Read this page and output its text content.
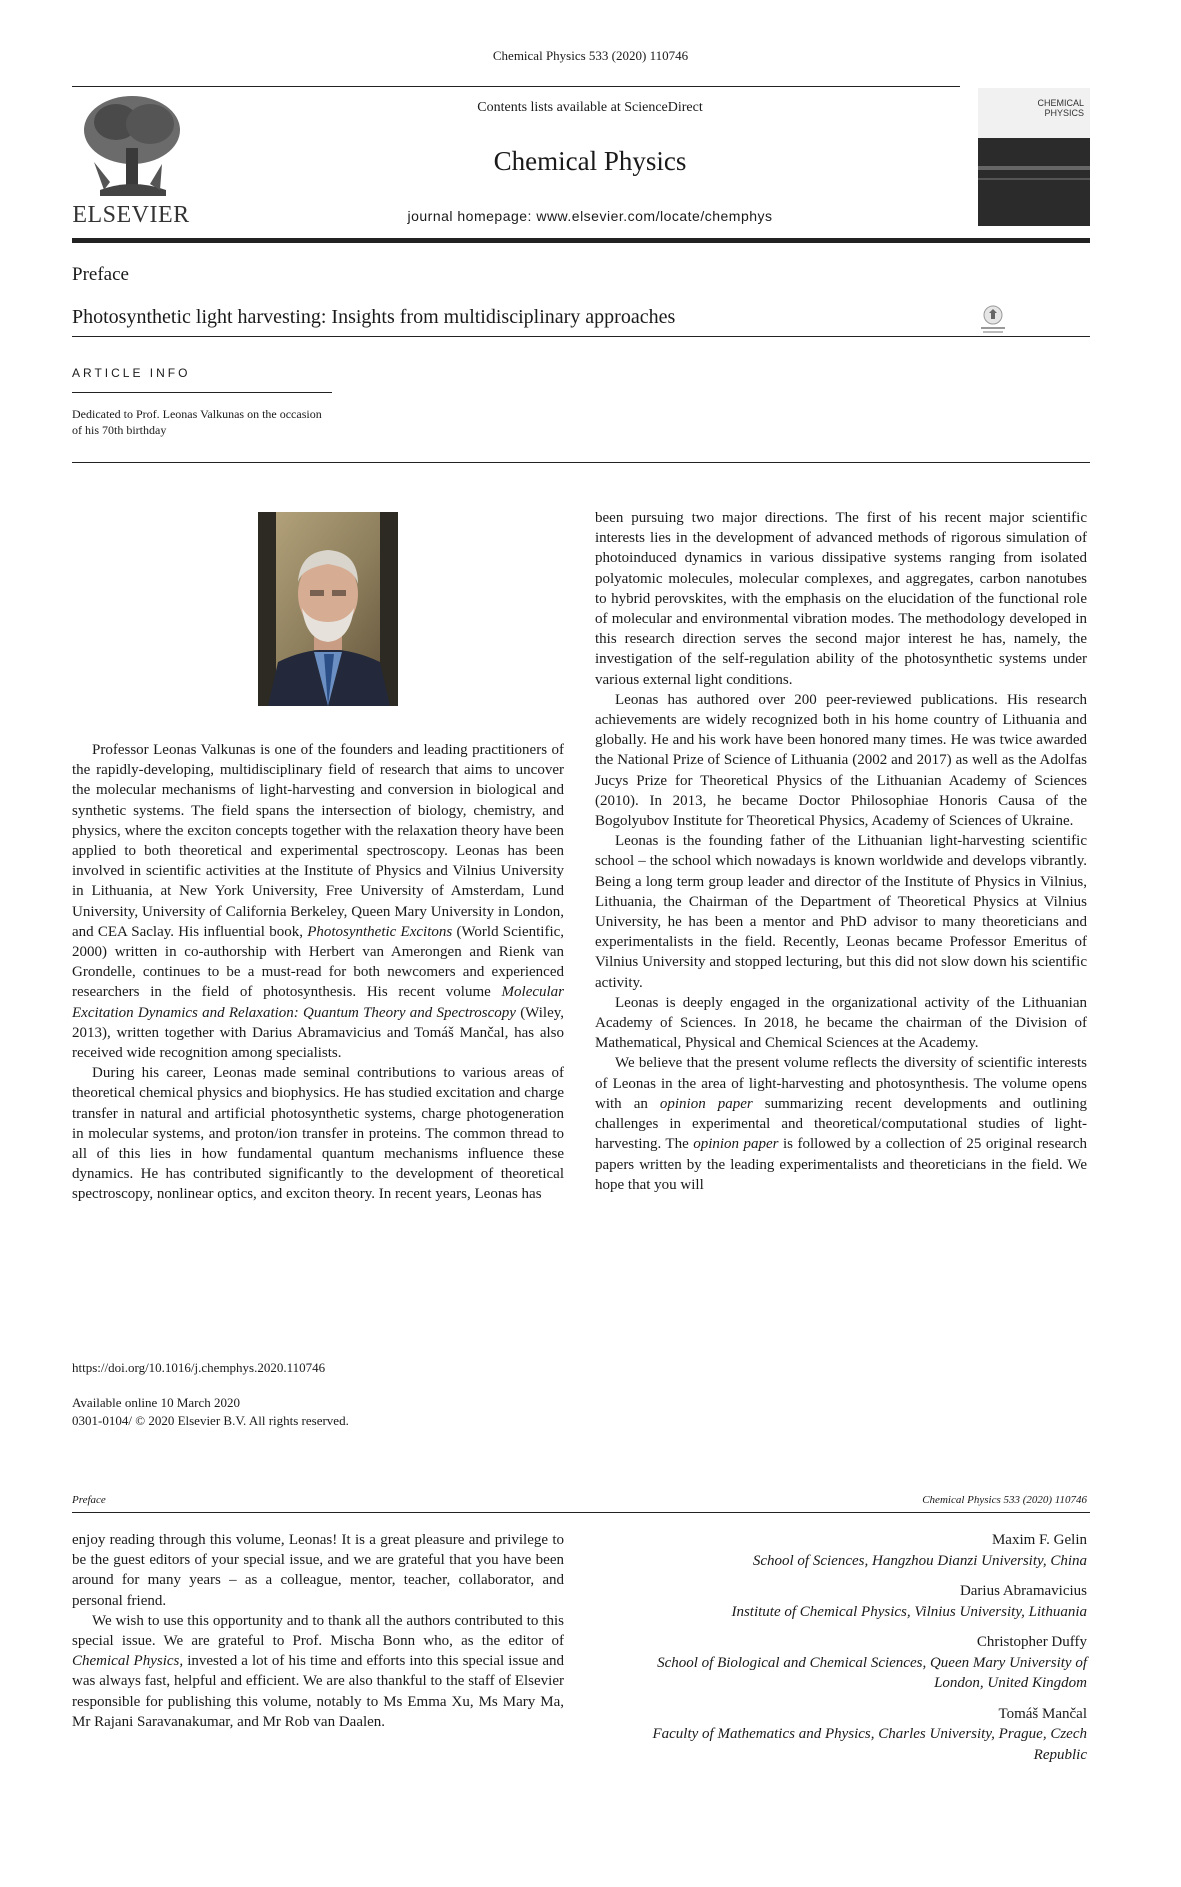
Chemical Physics 533 (2020) 110746
ELSEVIER
Contents lists available at ScienceDirect
Chemical Physics
journal homepage: www.elsevier.com/locate/chemphys
CHEMICAL
PHYSICS
Preface
Photosynthetic light harvesting: Insights from multidisciplinary approaches
ARTICLE INFO
Dedicated to Prof. Leonas Valkunas on the occasion of his 70th birthday

Professor Leonas Valkunas is one of the founders and leading practitioners of the rapidly-developing, multidisciplinary field of research that aims to uncover the molecular mechanisms of light-harvesting and conversion in biological and synthetic systems. The field spans the intersection of biology, chemistry, and physics, where the exciton concepts together with the relaxation theory have been applied to both theoretical and experimental spectroscopy. Leonas has been involved in scientific activities at the Institute of Physics and Vilnius University in Lithuania, at New York University, Free University of Amsterdam, Lund University, University of California Berkeley, Queen Mary University in London, and CEA Saclay. His influential book, Photosynthetic Excitons (World Scientific, 2000) written in co-authorship with Herbert van Amerongen and Rienk van Grondelle, continues to be a must-read for both newcomers and experienced researchers in the field of photosynthesis. His recent volume Molecular Excitation Dynamics and Relaxation: Quantum Theory and Spectroscopy (Wiley, 2013), written together with Darius Abramavicius and Tomáš Mančal, has also received wide recognition among specialists.

During his career, Leonas made seminal contributions to various areas of theoretical chemical physics and biophysics. He has studied excitation and charge transfer in natural and artificial photosynthetic systems, charge photogeneration in molecular systems, and proton/ion transfer in proteins. The common thread to all of this lies in how fundamental quantum mechanisms influence these dynamics. He has contributed significantly to the development of theoretical spectroscopy, nonlinear optics, and exciton theory. In recent years, Leonas has

been pursuing two major directions. The first of his recent major scientific interests lies in the development of advanced methods of rigorous simulation of photoinduced dynamics in various dissipative systems ranging from isolated polyatomic molecules, molecular complexes, and aggregates, carbon nanotubes to hybrid perovskites, with the emphasis on the elucidation of the functional role of molecular and environmental vibration modes. The methodology developed in this research direction serves the second major interest he has, namely, the investigation of the self-regulation ability of the photosynthetic systems under various external light conditions.

Leonas has authored over 200 peer-reviewed publications. His research achievements are widely recognized both in his home country of Lithuania and globally. He and his work have been honored many times. He was twice awarded the National Prize of Science of Lithuania (2002 and 2017) as well as the Adolfas Jucys Prize for Theoretical Physics of the Lithuanian Academy of Sciences (2010). In 2013, he became Doctor Philosophiae Honoris Causa of the Bogolyubov Institute for Theoretical Physics, Academy of Sciences of Ukraine.

Leonas is the founding father of the Lithuanian light-harvesting scientific school – the school which nowadays is known worldwide and develops vibrantly. Being a long term group leader and director of the Institute of Physics in Vilnius, Lithuania, the Chairman of the Department of Theoretical Physics at Vilnius University, he has been a mentor and PhD advisor to many theoreticians and experimentalists in the field. Recently, Leonas became Professor Emeritus of Vilnius University and stopped lecturing, but this did not slow down his scientific activity.

Leonas is deeply engaged in the organizational activity of the Lithuanian Academy of Sciences. In 2018, he became the chairman of the Division of Mathematical, Physical and Chemical Sciences at the Academy.

We believe that the present volume reflects the diversity of scientific interests of Leonas in the area of light-harvesting and photosynthesis. The volume opens with an opinion paper summarizing recent developments and outlining challenges in experimental and theoretical/computational studies of light-harvesting. The opinion paper is followed by a collection of 25 original research papers written by the leading experimentalists and theoreticians in the field. We hope that you will

https://doi.org/10.1016/j.chemphys.2020.110746
Available online 10 March 2020
0301-0104/ © 2020 Elsevier B.V. All rights reserved.
Preface	Chemical Physics 533 (2020) 110746

enjoy reading through this volume, Leonas! It is a great pleasure and privilege to be the guest editors of your special issue, and we are grateful that you have been around for many years – as a colleague, mentor, teacher, collaborator, and personal friend.

We wish to use this opportunity and to thank all the authors contributed to this special issue. We are grateful to Prof. Mischa Bonn who, as the editor of Chemical Physics, invested a lot of his time and efforts into this special issue and was always fast, helpful and efficient. We are also thankful to the staff of Elsevier responsible for publishing this volume, notably to Ms Emma Xu, Ms Mary Ma, Mr Rajani Saravanakumar, and Mr Rob van Daalen.

Maxim F. Gelin
School of Sciences, Hangzhou Dianzi University, China
Darius Abramavicius
Institute of Chemical Physics, Vilnius University, Lithuania
Christopher Duffy
School of Biological and Chemical Sciences, Queen Mary University of London, United Kingdom
Tomáš Mančal
Faculty of Mathematics and Physics, Charles University, Prague, Czech Republic
